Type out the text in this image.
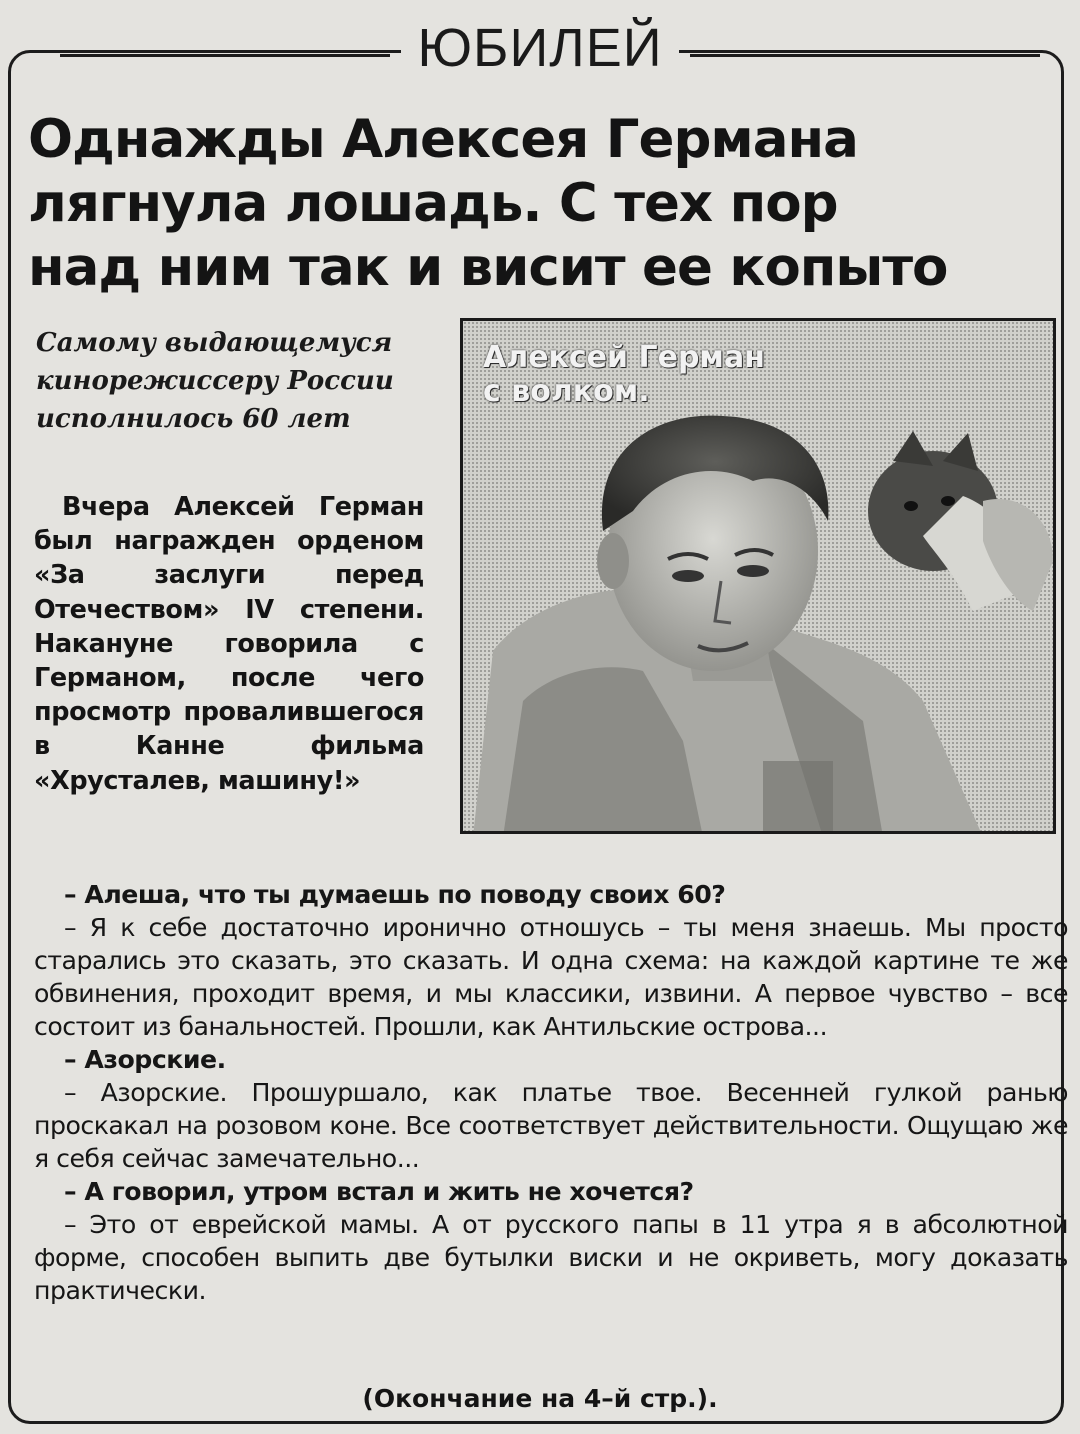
ЮБИЛЕЙ
Однажды Алексея Германа
лягнула лошадь. С тех пор
над ним так и висит ее копыто
Самому выдающемуся кинорежиссеру России исполнилось 60 лет

Вчера Алексей Герман был награжден орденом «За заслуги перед Отечеством» IV степени. Накануне говорила с Германом, после чего просмотр провалившегося в Канне фильма «Хрусталев, машину!»

Алексей Герман
с волком.

– Алеша, что ты думаешь по поводу своих 60?

– Я к себе достаточно иронично отношусь – ты меня знаешь. Мы просто старались это сказать, это сказать. И одна схема: на каждой картине те же обвинения, проходит время, и мы классики, извини. А первое чувство – все состоит из банальностей. Прошли, как Антильские острова...

– Азорские.

– Азорские. Прошуршало, как платье твое. Весенней гулкой ранью проскакал на розовом коне. Все соответствует действительности. Ощущаю же я себя сейчас замечательно...

– А говорил, утром встал и жить не хочется?

– Это от еврейской мамы. А от русского папы в 11 утра я в абсолютной форме, способен выпить две бутылки виски и не окриветь, могу доказать практически.

(Окончание на 4–й стр.).
